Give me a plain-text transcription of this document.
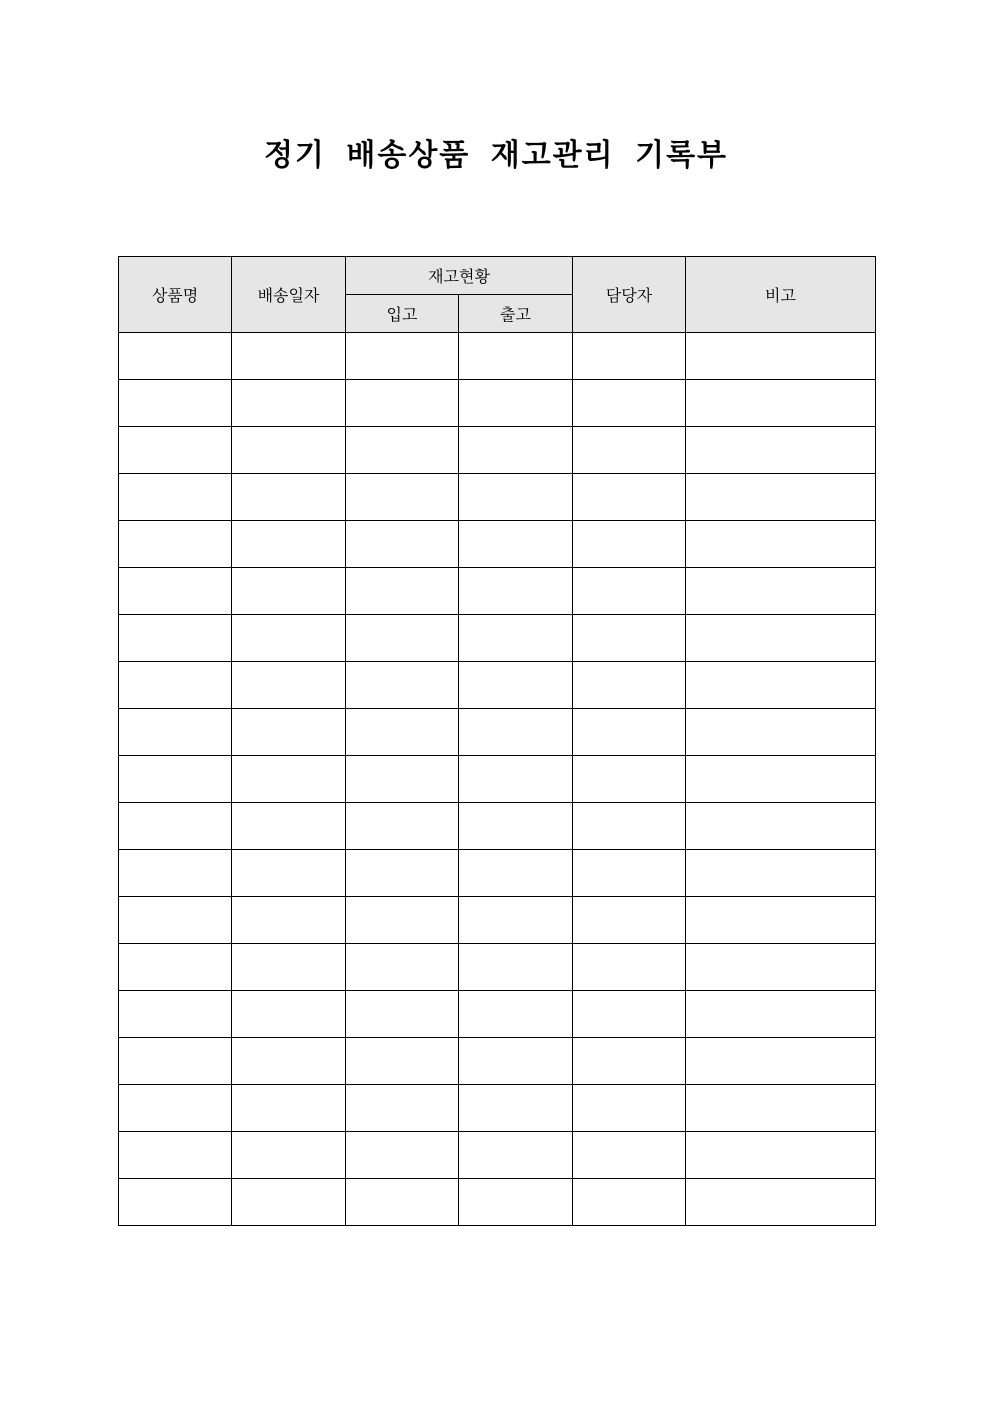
정기 배송상품 재고관리 기록부
상품명	배송일자	재고현황		담당자	비고
		입고	출고		
